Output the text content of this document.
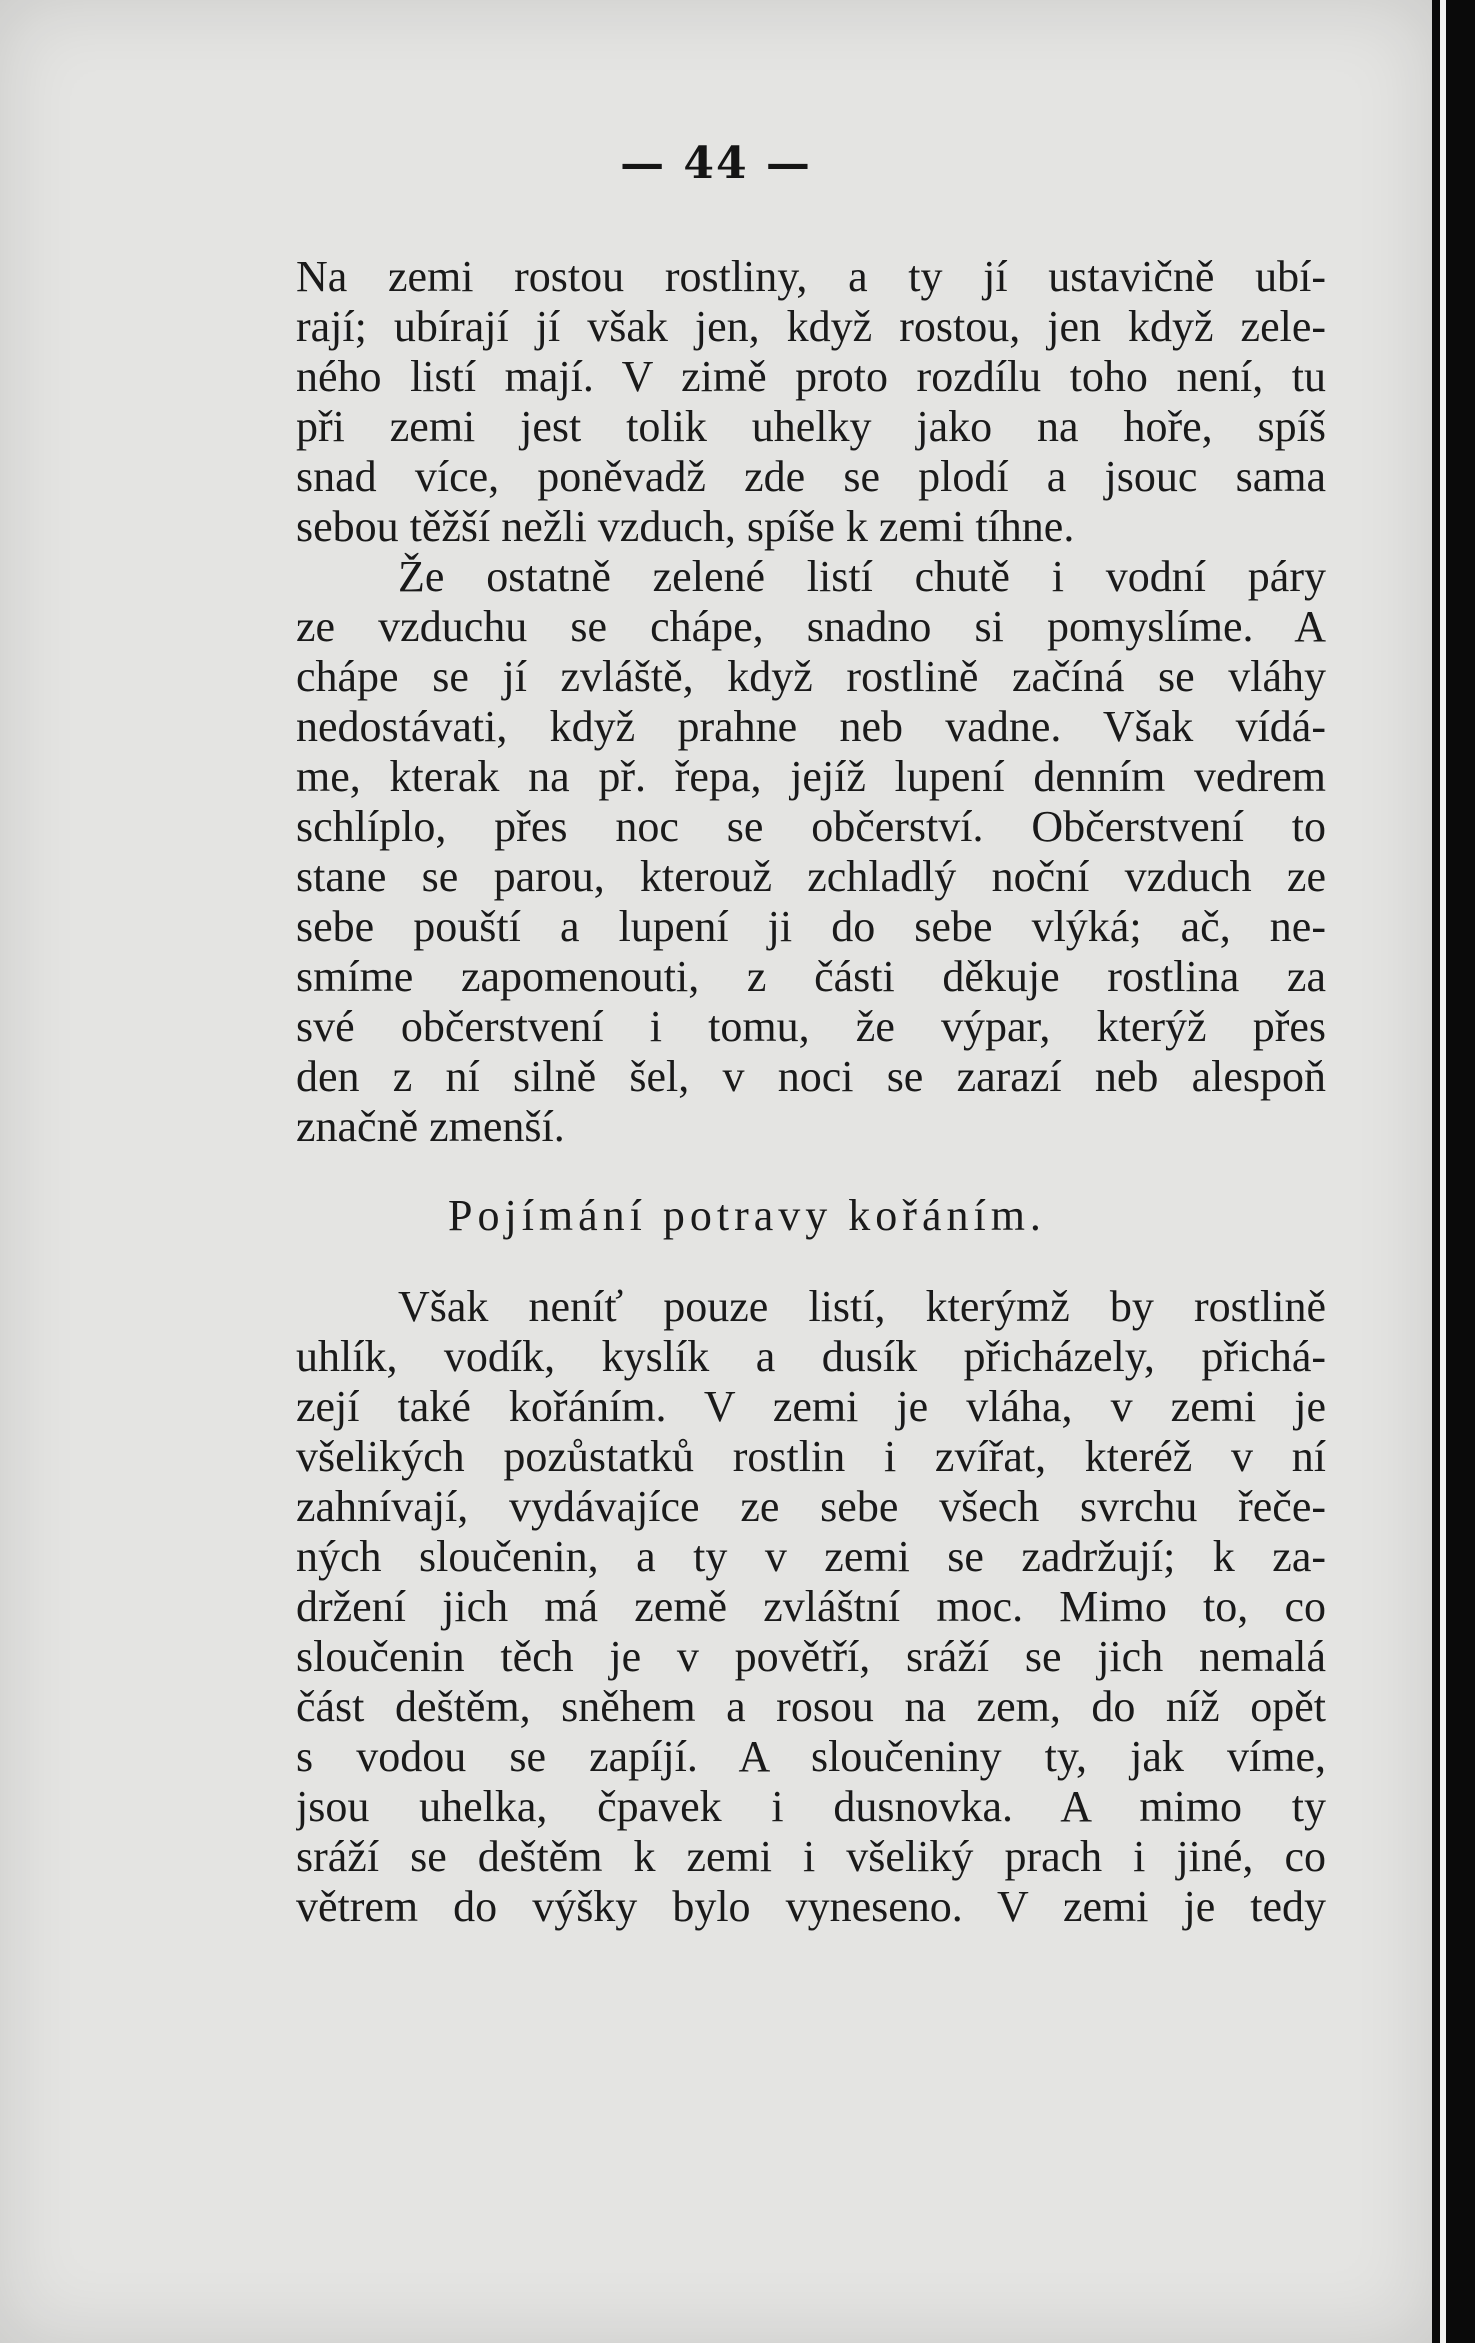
— 44 —
Na zemi rostou rostliny, a ty jí ustavičně ubí-
rají; ubírají jí však jen, když rostou, jen když zele-
ného listí mají. V zimě proto rozdílu toho není, tu
při zemi jest tolik uhelky jako na hoře, spíš
snad více, poněvadž zde se plodí a jsouc sama
sebou těžší nežli vzduch, spíše k zemi tíhne.
Že ostatně zelené listí chutě i vodní páry
ze vzduchu se chápe, snadno si pomyslíme. A
chápe se jí zvláště, když rostlině začíná se vláhy
nedostávati, když prahne neb vadne. Však vídá-
me, kterak na př. řepa, jejíž lupení denním vedrem
schlíplo, přes noc se občerství. Občerstvení to
stane se parou, kterouž zchladlý noční vzduch ze
sebe pouští a lupení ji do sebe vlýká; ač, ne-
smíme zapomenouti, z části děkuje rostlina za
své občerstvení i tomu, že výpar, kterýž přes
den z ní silně šel, v noci se zarazí neb alespoň
značně zmenší.
Pojímání potravy kořáním.
Však neníť pouze listí, kterýmž by rostlině
uhlík, vodík, kyslík a dusík přicházely, přichá-
zejí také kořáním. V zemi je vláha, v zemi je
všelikých pozůstatků rostlin i zvířat, kteréž v ní
zahnívají, vydávajíce ze sebe všech svrchu řeče-
ných sloučenin, a ty v zemi se zadržují; k za-
držení jich má země zvláštní moc. Mimo to, co
sloučenin těch je v povětří, sráží se jich nemalá
část deštěm, sněhem a rosou na zem, do níž opět
s vodou se zapíjí. A sloučeniny ty, jak víme,
jsou uhelka, čpavek i dusnovka. A mimo ty
sráží se deštěm k zemi i všeliký prach i jiné, co
větrem do výšky bylo vyneseno. V zemi je tedy
